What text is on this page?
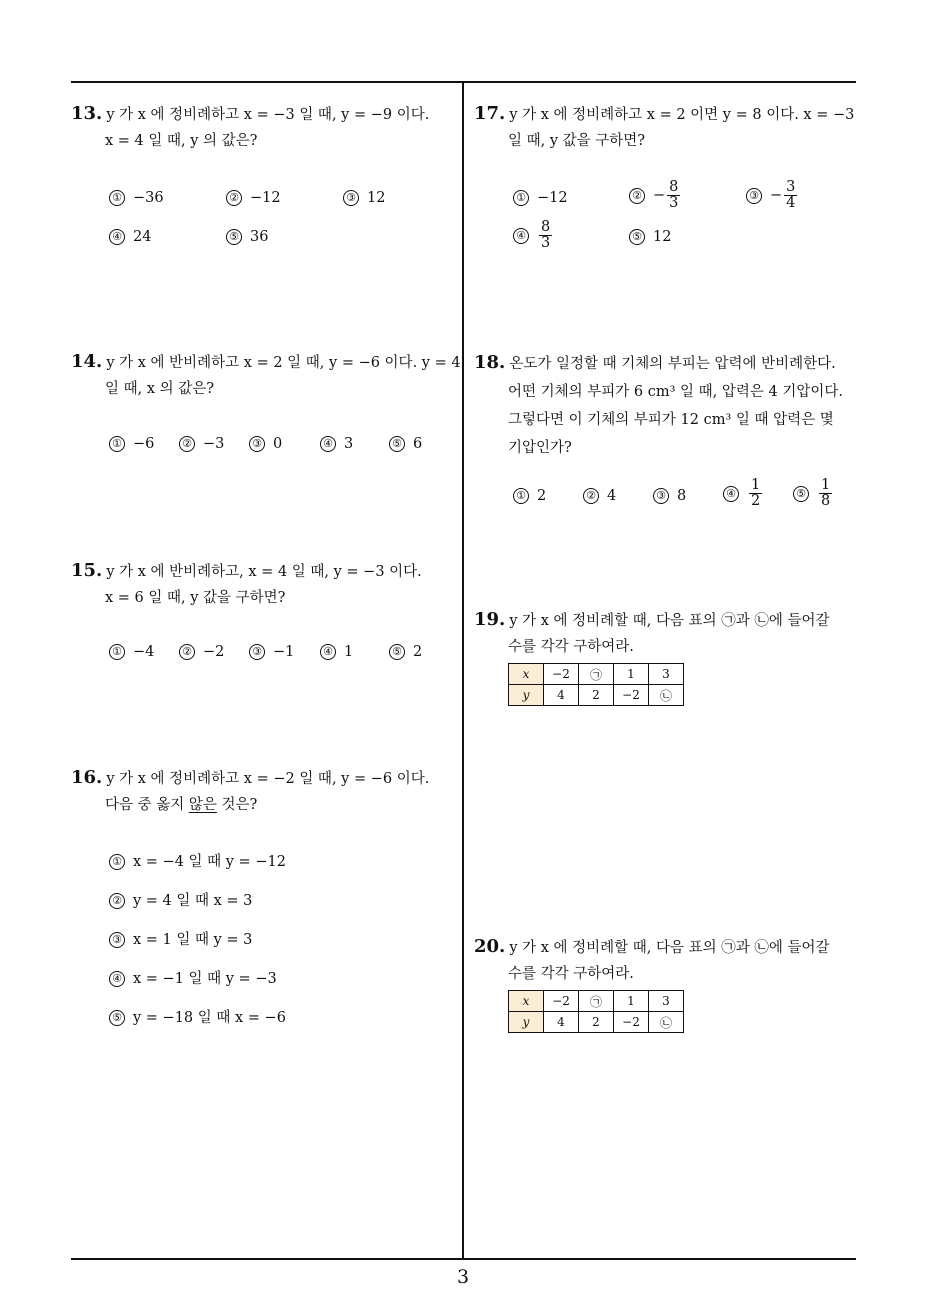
3
13. y 가 x 에 정비례하고 x = −3 일 때, y = −9 이다.
x = 4 일 때, y 의 값은?
① −36	② −12	③ 12
④ 24	⑤ 36
14. y 가 x 에 반비례하고 x = 2 일 때, y = −6 이다. y = 4
일 때, x 의 값은?
① −6	② −3	③ 0	④ 3	⑤ 6
15. y 가 x 에 반비례하고, x = 4 일 때, y = −3 이다.
x = 6 일 때, y 값을 구하면?
① −4	② −2	③ −1	④ 1	⑤ 2
16. y 가 x 에 정비례하고 x = −2 일 때, y = −6 이다.
다음 중 옳지 않은 것은?
① x = −4 일 때 y = −12
② y = 4 일 때 x = 3
③ x = 1 일 때 y = 3
④ x = −1 일 때 y = −3
⑤ y = −18 일 때 x = −6
17. y 가 x 에 정비례하고 x = 2 이면 y = 8 이다. x = −3
일 때, y 값을 구하면?
① −12	② − $\frac{8}{3}$	③ − $\frac{3}{4}$
④ $\frac{8}{3}$	⑤ 12
18. 온도가 일정할 때 기체의 부피는 압력에 반비례한다.
어떤 기체의 부피가 6 cm³ 일 때, 압력은 4 기압이다.
그렇다면 이 기체의 부피가 12 cm³ 일 때 압력은 몇
기압인가?
① 2	② 4	③ 8	④ $\frac{1}{2}$	⑤ $\frac{1}{8}$
19. y 가 x 에 정비례할 때, 다음 표의 ㉠과 ㉡에 들어갈
수를 각각 구하여라.
x	−2	㉠	1	3
y	4	2	−2	㉡
20. y 가 x 에 정비례할 때, 다음 표의 ㉠과 ㉡에 들어갈
수를 각각 구하여라.
x	−2	㉠	1	3
y	4	2	−2	㉡
